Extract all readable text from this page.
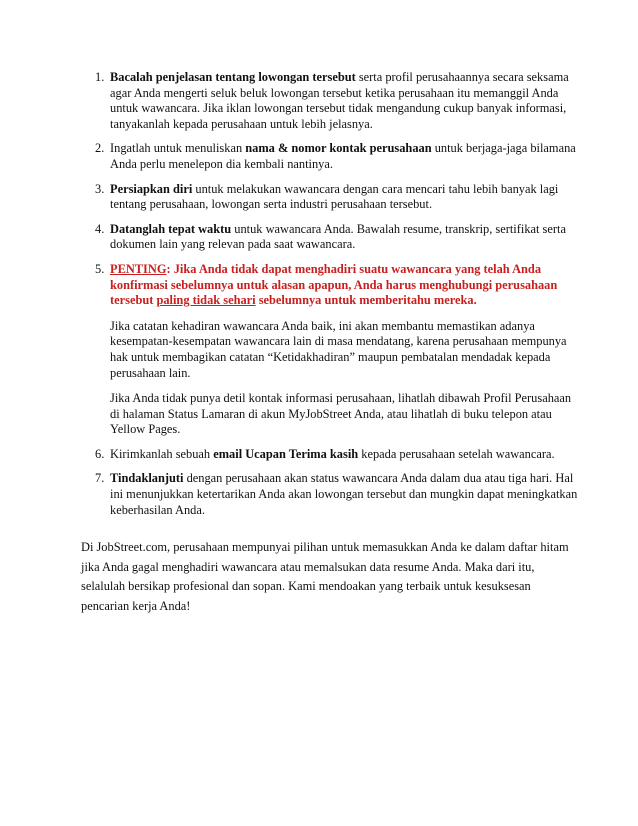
1. Bacalah penjelasan tentang lowongan tersebut serta profil perusahaannya secara seksama agar Anda mengerti seluk beluk lowongan tersebut ketika perusahaan itu memanggil Anda untuk wawancara. Jika iklan lowongan tersebut tidak mengandung cukup banyak informasi, tanyakanlah kepada perusahaan untuk lebih jelasnya.

2. Ingatlah untuk menuliskan nama & nomor kontak perusahaan untuk berjaga-jaga bilamana Anda perlu menelepon dia kembali nantinya.

3. Persiapkan diri untuk melakukan wawancara dengan cara mencari tahu lebih banyak lagi tentang perusahaan, lowongan serta industri perusahaan tersebut.

4. Datanglah tepat waktu untuk wawancara Anda. Bawalah resume, transkrip, sertifikat serta dokumen lain yang relevan pada saat wawancara.

5. PENTING: Jika Anda tidak dapat menghadiri suatu wawancara yang telah Anda konfirmasi sebelumnya untuk alasan apapun, Anda harus menghubungi perusahaan tersebut paling tidak sehari sebelumnya untuk memberitahu mereka.

Jika catatan kehadiran wawancara Anda baik, ini akan membantu memastikan adanya kesempatan-kesempatan wawancara lain di masa mendatang, karena perusahaan mempunya hak untuk membagikan catatan “Ketidakhadiran” maupun pembatalan mendadak kepada perusahaan lain.

Jika Anda tidak punya detil kontak informasi perusahaan, lihatlah dibawah Profil Perusahaan di halaman Status Lamaran di akun MyJobStreet Anda, atau lihatlah di buku telepon atau Yellow Pages.

6. Kirimkanlah sebuah email Ucapan Terima kasih kepada perusahaan setelah wawancara.

7. Tindaklanjuti dengan perusahaan akan status wawancara Anda dalam dua atau tiga hari. Hal ini menunjukkan ketertarikan Anda akan lowongan tersebut dan mungkin dapat meningkatkan keberhasilan Anda.

Di JobStreet.com, perusahaan mempunyai pilihan untuk memasukkan Anda ke dalam daftar hitam jika Anda gagal menghadiri wawancara atau memalsukan data resume Anda. Maka dari itu, selalulah bersikap profesional dan sopan. Kami mendoakan yang terbaik untuk kesuksesan pencarian kerja Anda!
